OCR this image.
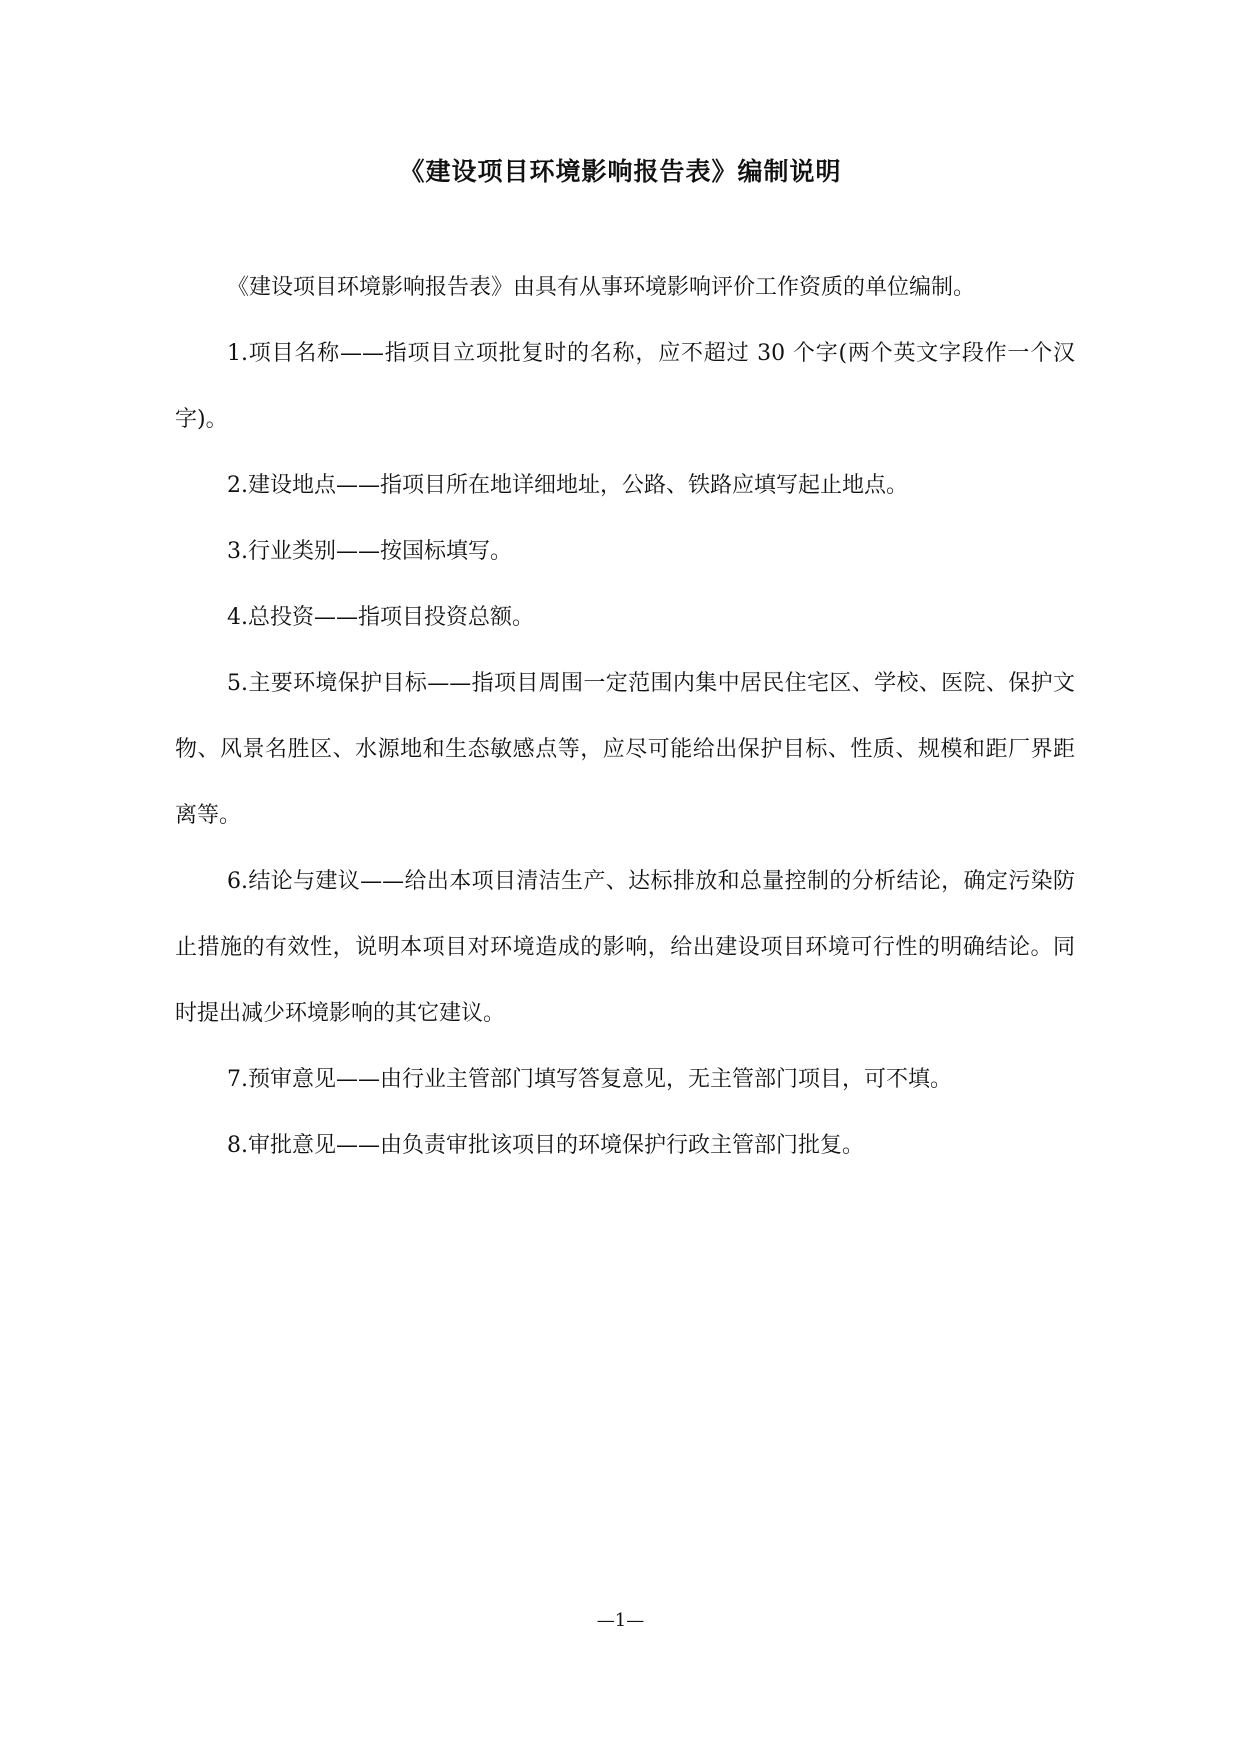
《建设项目环境影响报告表》编制说明

《建设项目环境影响报告表》由具有从事环境影响评价工作资质的单位编制。

1.项目名称——指项目立项批复时的名称，应不超过 30 个字(两个英文字段作一个汉字)。

2.建设地点——指项目所在地详细地址，公路、铁路应填写起止地点。

3.行业类别——按国标填写。

4.总投资——指项目投资总额。

5.主要环境保护目标——指项目周围一定范围内集中居民住宅区、学校、医院、保护文物、风景名胜区、水源地和生态敏感点等，应尽可能给出保护目标、性质、规模和距厂界距离等。

6.结论与建议——给出本项目清洁生产、达标排放和总量控制的分析结论，确定污染防止措施的有效性，说明本项目对环境造成的影响，给出建设项目环境可行性的明确结论。同时提出减少环境影响的其它建议。

7.预审意见——由行业主管部门填写答复意见，无主管部门项目，可不填。

8.审批意见——由负责审批该项目的环境保护行政主管部门批复。

—1—
